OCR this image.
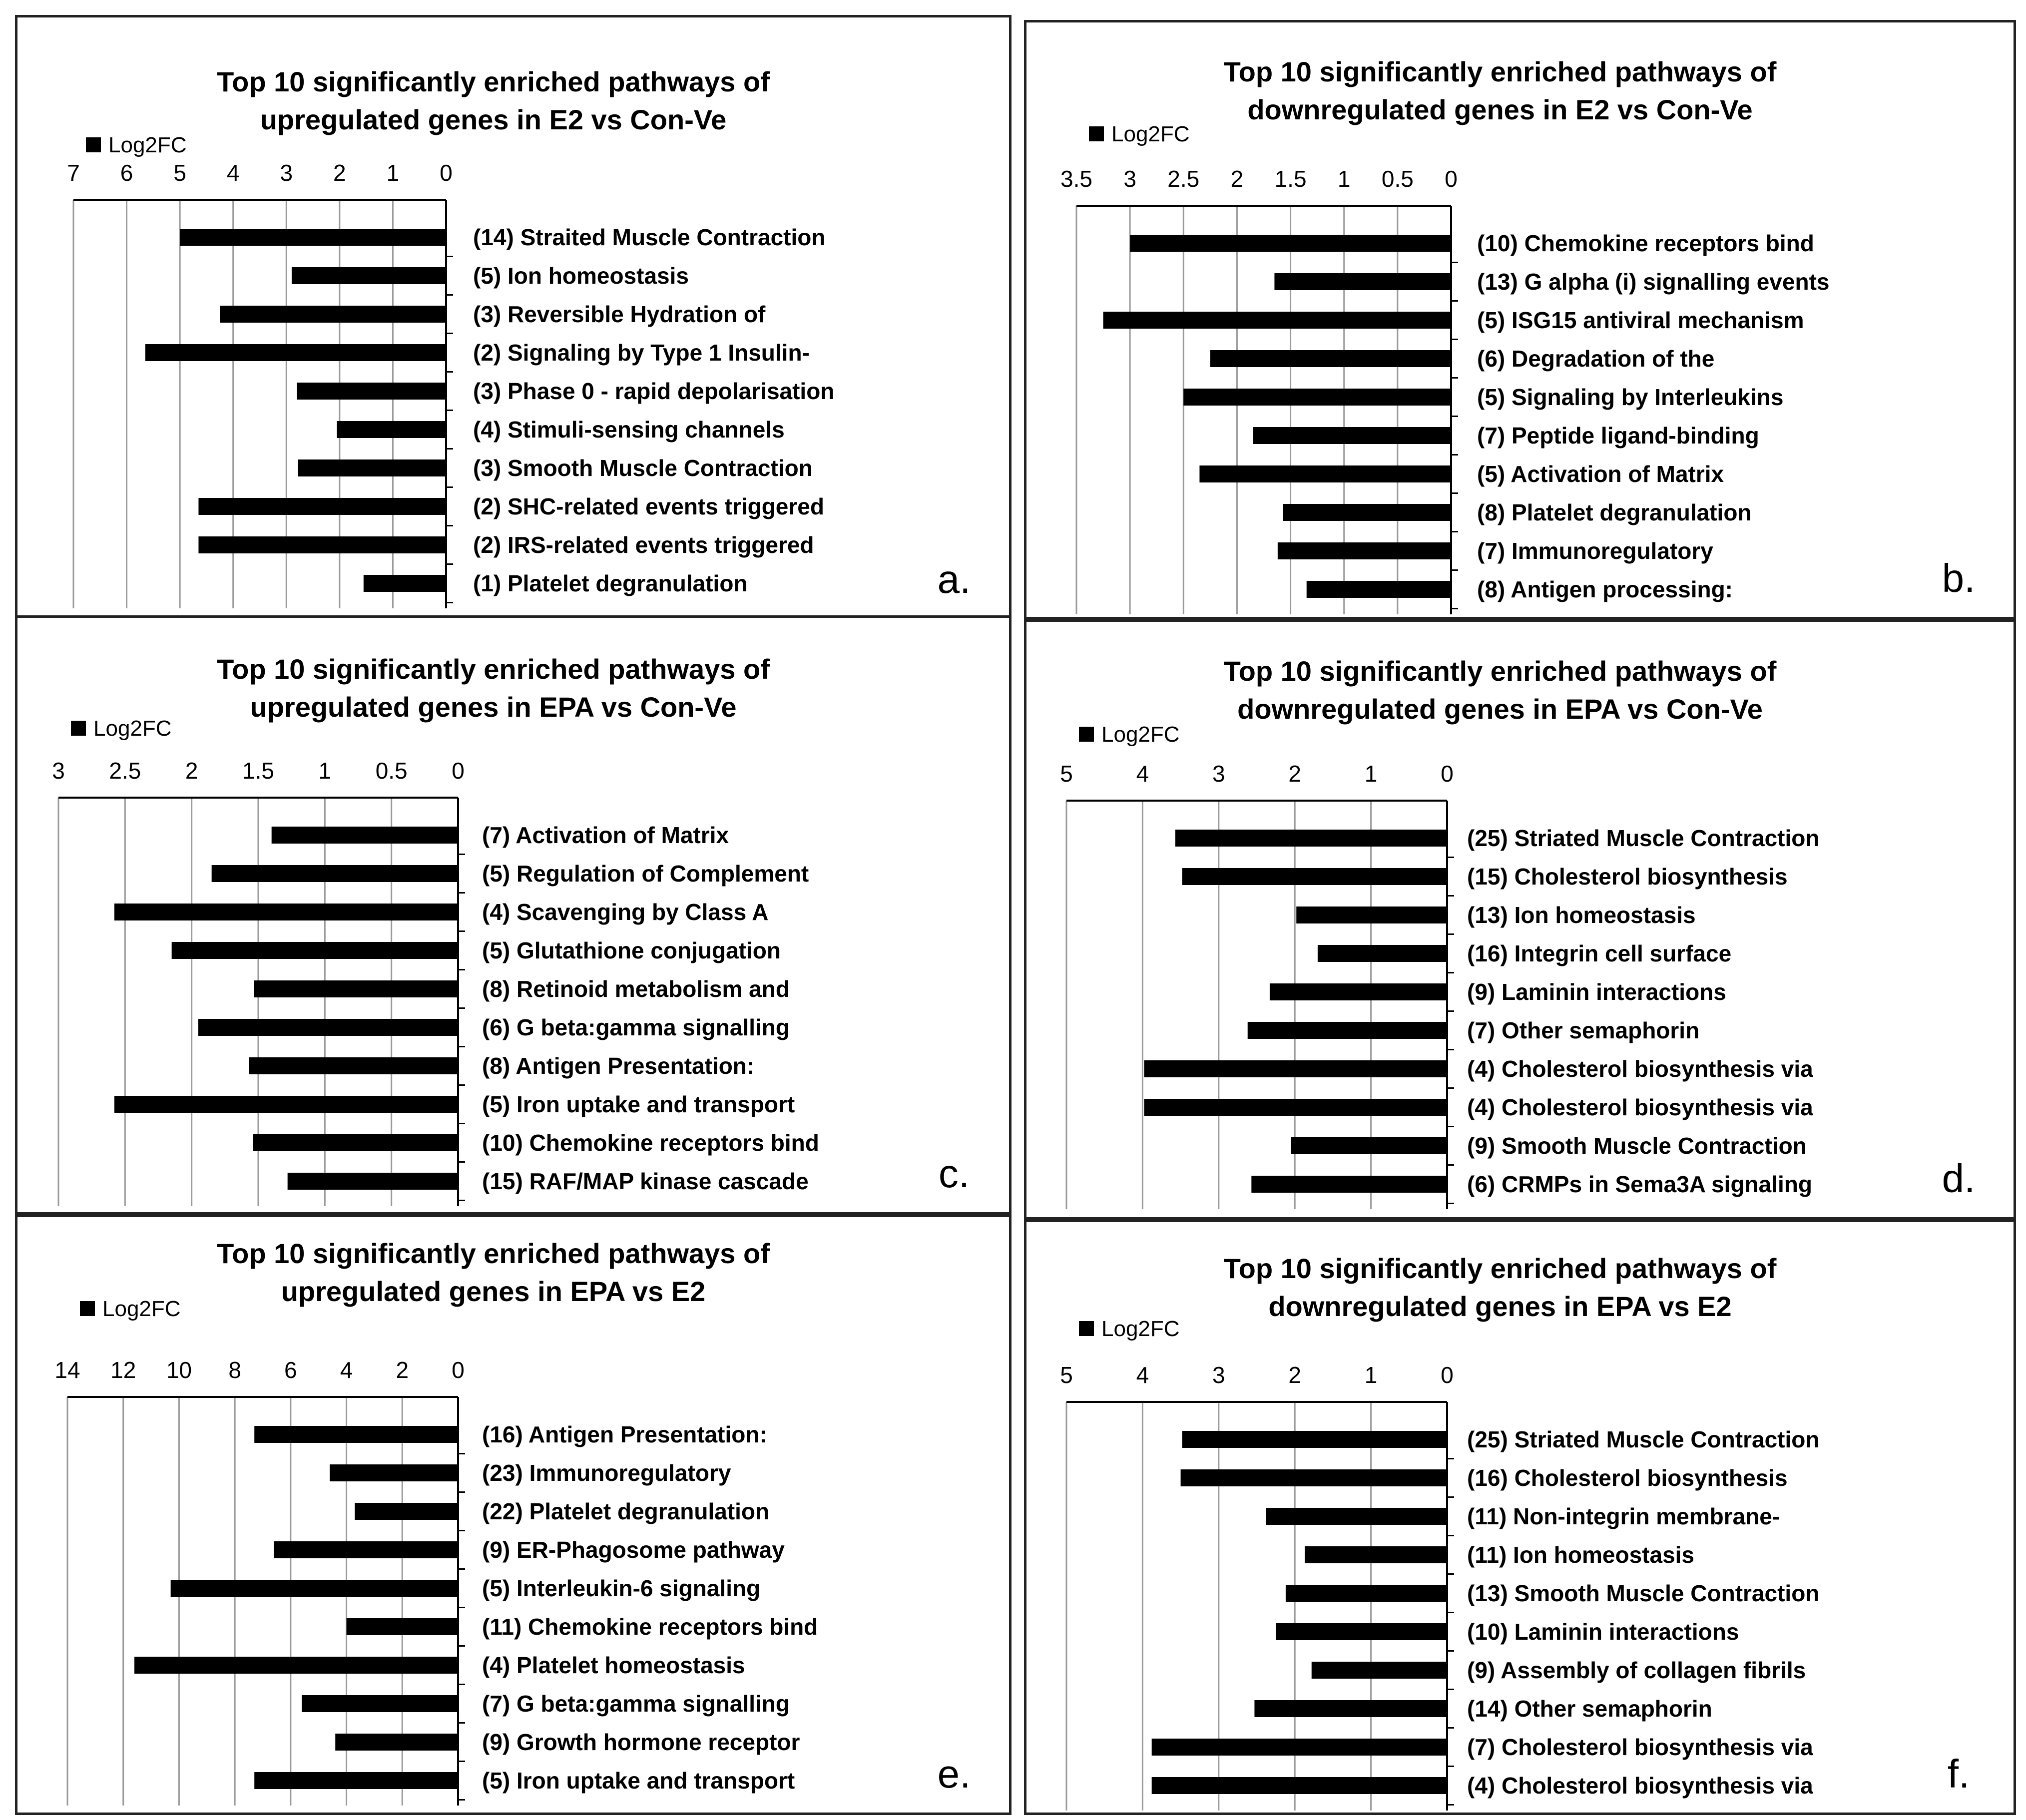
Top 10 significantly enriched pathways of
upregulated genes in E2 vs Con-Ve
Log2FC
7 6 5 4 3 2 1 0
(14) Straited Muscle Contraction
(5) Ion homeostasis
(3) Reversible Hydration of
(2) Signaling by Type 1 Insulin-
(3) Phase 0 - rapid depolarisation
(4) Stimuli-sensing channels
(3) Smooth Muscle Contraction
(2) SHC-related events triggered
(2) IRS-related events triggered
(1) Platelet degranulation	a.
Top 10 significantly enriched pathways of
downregulated genes in E2 vs Con-Ve
Log2FC
3.5 3 2.5 2 1.5 1 0.5 0
(10) Chemokine receptors bind
(13) G alpha (i) signalling events
(5) ISG15 antiviral mechanism
(6) Degradation of the
(5) Signaling by Interleukins
(7) Peptide ligand-binding
(5) Activation of Matrix
(8) Platelet degranulation
(7) Immunoregulatory
(8) Antigen processing:	b.
Top 10 significantly enriched pathways of
upregulated genes in EPA vs Con-Ve
Log2FC
3 2.5 2 1.5 1 0.5 0
(7) Activation of Matrix
(5) Regulation of Complement
(4) Scavenging by Class A
(5) Glutathione conjugation
(8) Retinoid metabolism and
(6) G beta:gamma signalling
(8) Antigen Presentation:
(5) Iron uptake and transport
(10) Chemokine receptors bind
(15) RAF/MAP kinase cascade	c.
Top 10 significantly enriched pathways of
downregulated genes in EPA vs Con-Ve
Log2FC
5	4	3	2	1	0
(25) Striated Muscle Contraction
(15) Cholesterol biosynthesis
(13) Ion homeostasis
(16) Integrin cell surface
(9) Laminin interactions
(7) Other semaphorin
(4) Cholesterol biosynthesis via
(4) Cholesterol biosynthesis via
(9) Smooth Muscle Contraction
(6) CRMPs in Sema3A signaling	d.
Top 10 significantly enriched pathways of
upregulated genes in EPA vs E2
Log2FC
14 12 10 8 6 4 2 0
(16) Antigen Presentation:
(23) Immunoregulatory
(22) Platelet degranulation
(9) ER-Phagosome pathway
(5) Interleukin-6 signaling
(11) Chemokine receptors bind
(4) Platelet homeostasis
(7) G beta:gamma signalling
(9) Growth hormone receptor
(5) Iron uptake and transport	e.
Top 10 significantly enriched pathways of
downregulated genes in EPA vs E2
Log2FC
5	4	3	2	1	0
(25) Striated Muscle Contraction
(16) Cholesterol biosynthesis
(11) Non-integrin membrane-
(11) Ion homeostasis
(13) Smooth Muscle Contraction
(10) Laminin interactions
(9) Assembly of collagen fibrils
(14) Other semaphorin
(7) Cholesterol biosynthesis via
(4) Cholesterol biosynthesis via	f.
